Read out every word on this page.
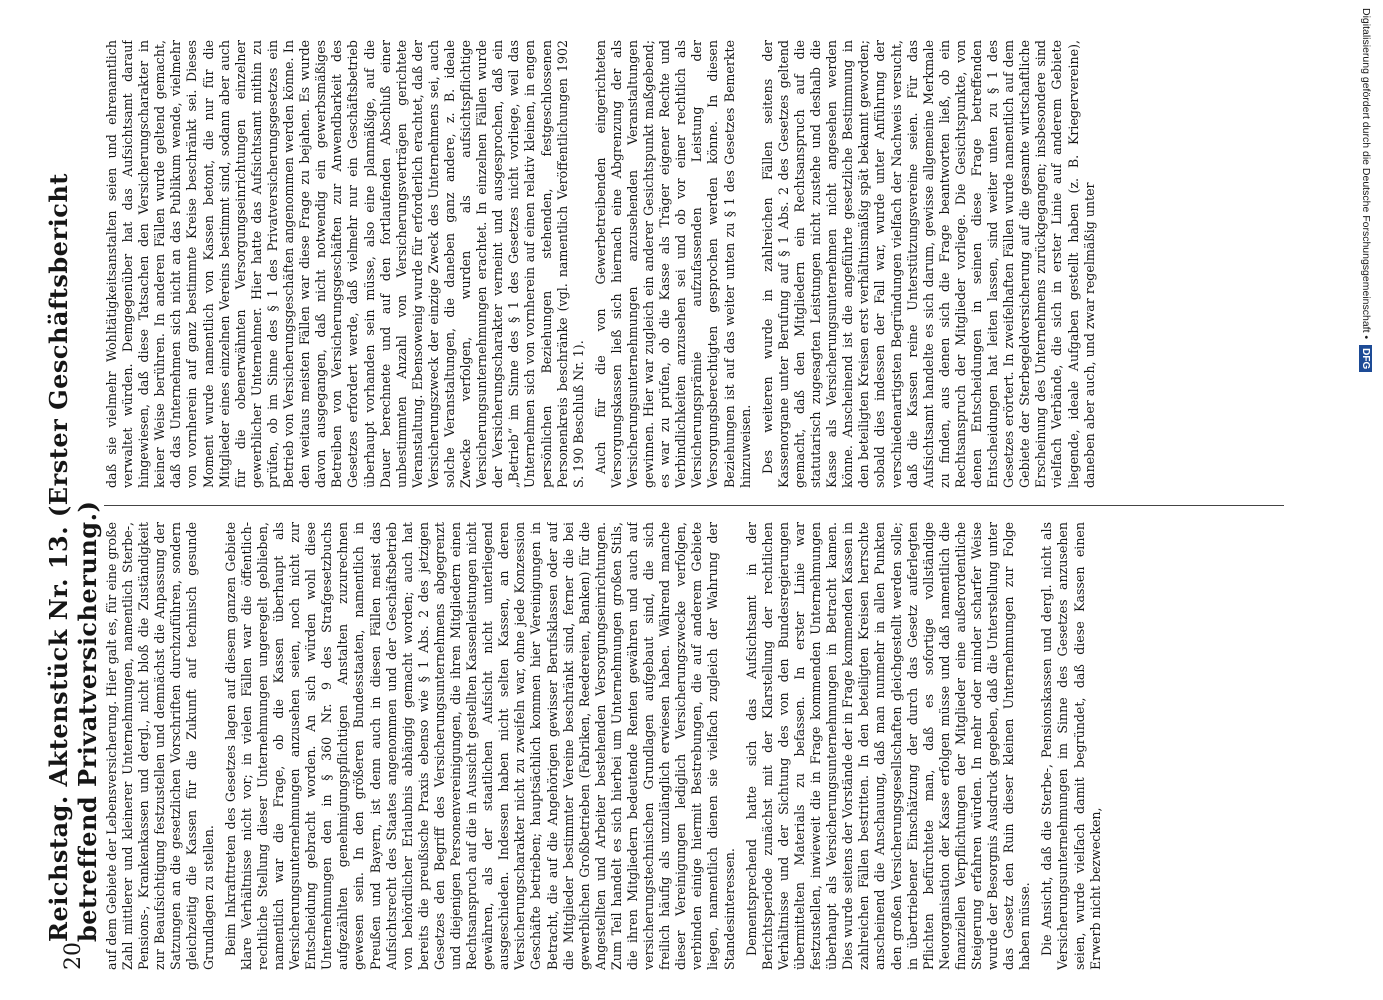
20
Reichstag. Aktenstück Nr. 13. (Erster Geschäftsbericht betreffend Privatversicherung.) auf dem Gebiete der Lebensversicherung. Hier galt es, für eine große Zahl mittlerer und kleinerer Unternehmungen, namentlich Sterbe-, Pensions-, Krankenkassen und dergl., nicht bloß die Zuständigkeit zur Beaufsichtigung festzustellen und demnächst die Anpassung der Satzungen an die gesetzlichen Vorschriften durchzuführen, sondern gleichzeitig die Kassen für die Zukunft auf technisch gesunde Grundlagen zu stellen. Beim Inkrafttreten des Gesetzes lagen auf diesem ganzen Gebiete klare Verhältnisse nicht vor; in vielen Fällen war die öffentlich-rechtliche Stellung dieser Unternehmungen ungeregelt geblieben, namentlich war die Frage, ob die Kassen überhaupt als Versicherungsunternehmungen anzusehen seien, noch nicht zur Entscheidung gebracht worden. An sich würden wohl diese Unternehmungen den in § 360 Nr. 9 des Strafgesetzbuchs aufgezählten genehmigungspflichtigen Anstalten zuzurechnen gewesen sein. In den größeren Bundesstaaten, namentlich in Preußen und Bayern, ist denn auch in diesen Fällen meist das Aufsichtsrecht des Staates angenommen und der Geschäftsbetrieb von behördlicher Erlaubnis abhängig gemacht worden; auch hat bereits die preußische Praxis ebenso wie § 1 Abs. 2 des jetzigen Gesetzes den Begriff des Versicherungsunternehmens abgegrenzt und diejenigen Personenvereinigungen, die ihren Mitgliedern einen Rechtsanspruch auf die in Aussicht gestellten Kassenleistungen nicht gewähren, als der staatlichen Aufsicht nicht unterliegend ausgeschieden. Indessen haben nicht selten Kassen, an deren Versicherungscharakter nicht zu zweifeln war, ohne jede Konzession Geschäfte betrieben; hauptsächlich kommen hier Vereinigungen in Betracht, die auf die Angehörigen gewisser Berufsklassen oder auf die Mitglieder bestimmter Vereine beschränkt sind, ferner die bei gewerblichen Großbetrieben (Fabriken, Reedereien, Banken) für die Angestellten und Arbeiter bestehenden Versorgungseinrichtungen. Zum Teil handelt es sich hierbei um Unternehmungen großen Stils, die ihren Mitgliedern bedeutende Renten gewähren und auch auf versicherungstechnischen Grundlagen aufgebaut sind, die sich freilich häufig als unzulänglich erwiesen haben. Während manche dieser Vereinigungen lediglich Versicherungszwecke verfolgen, verbinden einige hiermit Bestrebungen, die auf anderem Gebiete liegen, namentlich dienen sie vielfach zugleich der Wahrung der Standesinteressen. Dementsprechend hatte sich das Aufsichtsamt in der Berichtsperiode zunächst mit der Klarstellung der rechtlichen Verhältnisse und der Sichtung des von den Bundesregierungen übermittelten Materials zu befassen. In erster Linie war festzustellen, inwieweit die in Frage kommenden Unternehmungen überhaupt als Versicherungsunternehmungen in Betracht kamen. Dies wurde seitens der Vorstände der in Frage kommenden Kassen in zahlreichen Fällen bestritten. In den beteiligten Kreisen herrschte anscheinend die Anschauung, daß man nunmehr in allen Punkten den großen Versicherungsgesellschaften gleichgestellt werden solle; in übertriebener Einschätzung der durch das Gesetz auferlegten Pflichten befürchtete man, daß es sofortige vollständige Neuorganisation der Kasse erfolgen müsse und daß namentlich die finanziellen Verpflichtungen der Mitglieder eine außerordentliche Steigerung erfahren würden. In mehr oder minder scharfer Weise wurde der Besorgnis Ausdruck gegeben, daß die Unterstellung unter das Gesetz den Ruin dieser kleinen Unternehmungen zur Folge haben müsse. Die Ansicht, daß die Sterbe-, Pensionskassen und dergl. nicht als Versicherungsunternehmungen im Sinne des Gesetzes anzusehen seien, wurde vielfach damit begründet, daß diese Kassen einen Erwerb nicht bezwecken,

daß sie vielmehr Wohltätigkeitsanstalten seien und ehrenamtlich verwaltet würden. Demgegenüber hat das Aufsichtsamt darauf hingewiesen, daß diese Tatsachen den Versicherungscharakter in keiner Weise berühren. In anderen Fällen wurde geltend gemacht, daß das Unternehmen sich nicht an das Publikum wende, vielmehr von vornherein auf ganz bestimmte Kreise beschränkt sei. Dieses Moment wurde namentlich von Kassen betont, die nur für die Mitglieder eines einzelnen Vereins bestimmt sind, sodann aber auch für die obenerwähnten Versorgungseinrichtungen einzelner gewerblicher Unternehmer. Hier hatte das Aufsichtsamt mithin zu prüfen, ob im Sinne des § 1 des Privatversicherungsgesetzes ein Betrieb von Versicherungsgeschäften angenommen werden könne. In den weitaus meisten Fällen war diese Frage zu bejahen. Es wurde davon ausgegangen, daß nicht notwendig ein gewerbsmäßiges Betreiben von Versicherungsgeschäften zur Anwendbarkeit des Gesetzes erfordert werde, daß vielmehr nur ein Geschäftsbetrieb überhaupt vorhanden sein müsse, also eine planmäßige, auf die Dauer berechnete und auf den fortlaufenden Abschluß einer unbestimmten Anzahl von Versicherungsverträgen gerichtete Veranstaltung. Ebensowenig wurde für erforderlich erachtet, daß der Versicherungszweck der einzige Zweck des Unternehmens sei, auch solche Veranstaltungen, die daneben ganz andere, z. B. ideale Zwecke verfolgen, wurden als aufsichtspflichtige Versicherungsunternehmungen erachtet. In einzelnen Fällen wurde der Versicherungscharakter verneint und ausgesprochen, daß ein „Betrieb“ im Sinne des § 1 des Gesetzes nicht vorliege, weil das Unternehmen sich von vornherein auf einen relativ kleinen, in engen persönlichen Beziehungen stehenden, festgeschlossenen Personenkreis beschränke (vgl. namentlich Veröffentlichungen 1902 S. 190 Beschluß Nr. 1). Auch für die von Gewerbetreibenden eingerichteten Versorgungskassen ließ sich hiernach eine Abgrenzung der als Versicherungsunternehmungen anzusehenden Veranstaltungen gewinnen. Hier war zugleich ein anderer Gesichtspunkt maßgebend; es war zu prüfen, ob die Kasse als Träger eigener Rechte und Verbindlichkeiten anzusehen sei und ob vor einer rechtlich als Versicherungsprämie aufzufassenden Leistung der Versorgungsberechtigten gesprochen werden könne. In diesen Beziehungen ist auf das weiter unten zu § 1 des Gesetzes Bemerkte hinzuweisen. Des weiteren wurde in zahlreichen Fällen seitens der Kassenorgane unter Berufung auf § 1 Abs. 2 des Gesetzes geltend gemacht, daß den Mitgliedern ein Rechtsanspruch auf die statutarisch zugesagten Leistungen nicht zustehe und deshalb die Kasse als Versicherungsunternehmen nicht angesehen werden könne. Anscheinend ist die angeführte gesetzliche Bestimmung in den beteiligten Kreisen erst verhältnismäßig spät bekannt geworden; sobald dies indessen der Fall war, wurde unter Anführung der verschiedenartigsten Begründungen vielfach der Nachweis versucht, daß die Kassen reine Unterstützungsvereine seien. Für das Aufsichtsamt handelte es sich darum, gewisse allgemeine Merkmale zu finden, aus denen sich die Frage beantworten ließ, ob ein Rechtsanspruch der Mitglieder vorliege. Die Gesichtspunkte, von denen Entscheidungen in seinen diese Frage betreffenden Entscheidungen hat leiten lassen, sind weiter unten zu § 1 des Gesetzes erörtert. In zweifelhaften Fällen wurde namentlich auf dem Gebiete der Sterbegeldversicherung auf die gesamte wirtschaftliche Erscheinung des Unternehmens zurückgegangen; insbesondere sind vielfach Verbände, die sich in erster Linie auf anderem Gebiete liegende, ideale Aufgaben gestellt haben (z. B. Kriegervereine), daneben aber auch, und zwar regelmäßig unter	Digitalisierung gefördert durch die Deutsche Forschungsgemeinschaft •
DFG
